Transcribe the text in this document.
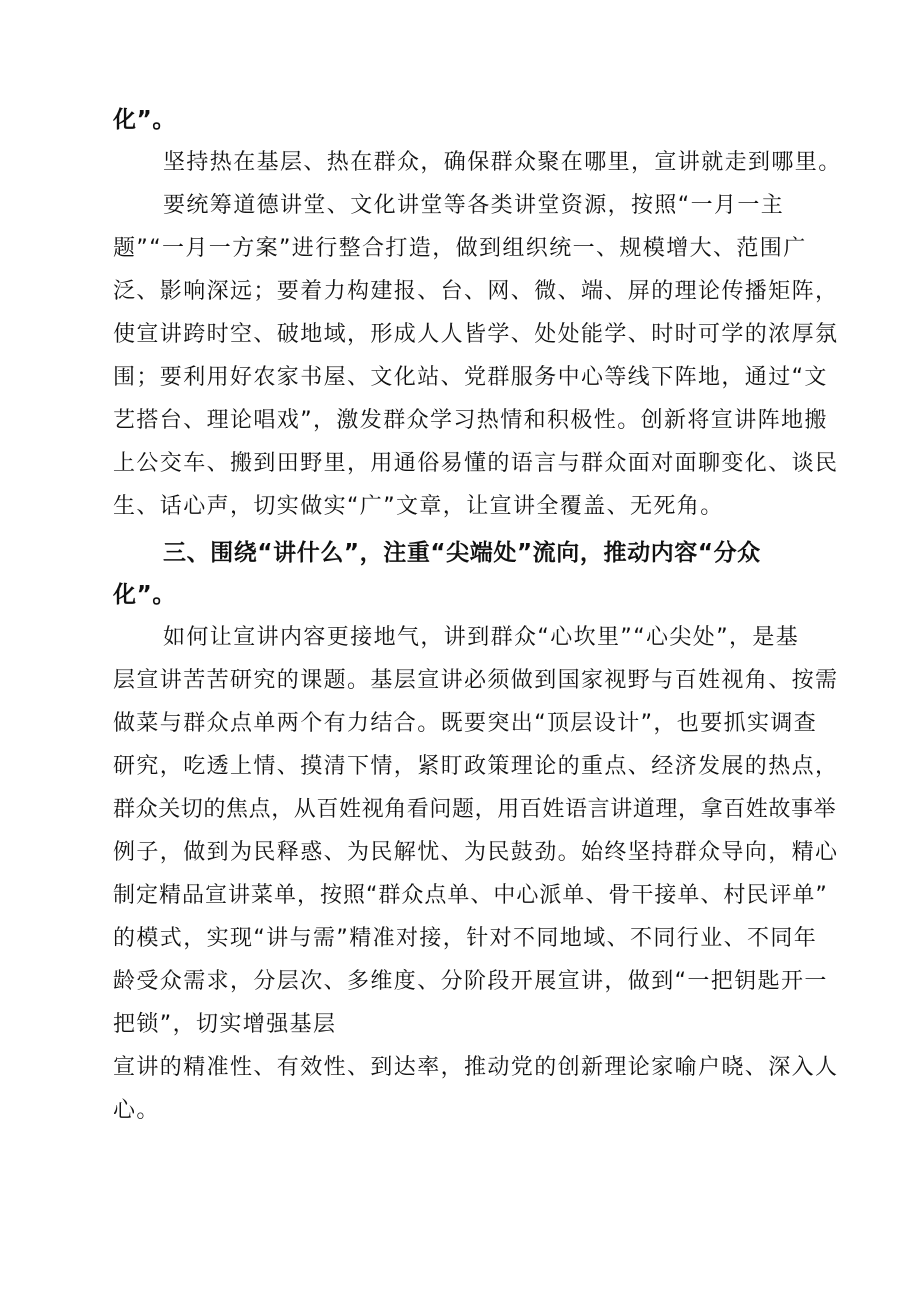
化”。
坚持热在基层、热在群众，确保群众聚在哪里，宣讲就走到哪里。
要统筹道德讲堂、文化讲堂等各类讲堂资源，按照“一月一主
题”“一月一方案”进行整合打造，做到组织统一、规模增大、范围广
泛、影响深远；要着力构建报、台、网、微、端、屏的理论传播矩阵，
使宣讲跨时空、破地域，形成人人皆学、处处能学、时时可学的浓厚氛
围；要利用好农家书屋、文化站、党群服务中心等线下阵地，通过“文
艺搭台、理论唱戏”，激发群众学习热情和积极性。创新将宣讲阵地搬
上公交车、搬到田野里，用通俗易懂的语言与群众面对面聊变化、谈民
生、话心声，切实做实“广”文章，让宣讲全覆盖、无死角。
三、围绕“讲什么”，注重“尖端处”流向，推动内容“分众
化”。
如何让宣讲内容更接地气，讲到群众“心坎里”“心尖处”，是基
层宣讲苦苦研究的课题。基层宣讲必须做到国家视野与百姓视角、按需
做菜与群众点单两个有力结合。既要突出“顶层设计”，也要抓实调查
研究，吃透上情、摸清下情，紧盯政策理论的重点、经济发展的热点，
群众关切的焦点，从百姓视角看问题，用百姓语言讲道理，拿百姓故事举
例子，做到为民释惑、为民解忧、为民鼓劲。始终坚持群众导向，精心
制定精品宣讲菜单，按照“群众点单、中心派单、骨干接单、村民评单”
的模式，实现“讲与需”精准对接，针对不同地域、不同行业、不同年
龄受众需求，分层次、多维度、分阶段开展宣讲，做到“一把钥匙开一
把锁”，切实增强基层
宣讲的精准性、有效性、到达率，推动党的创新理论家喻户晓、深入人
心。
